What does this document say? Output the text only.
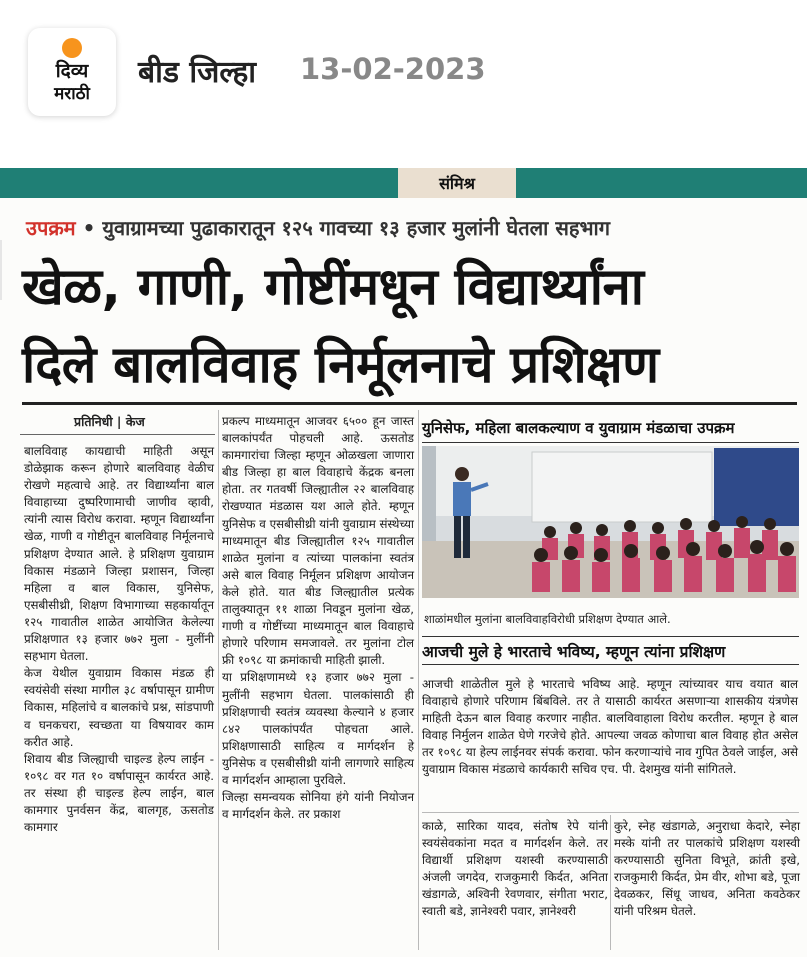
दिव्य
मराठी
बीड जिल्हा 13-02-2023
संमिश्र
उपक्रम • युवाग्रामच्या पुढाकारातून १२५ गावच्या १३ हजार मुलांनी घेतला सहभाग
खेळ, गाणी, गोष्टींमधून विद्यार्थ्यांना
दिले बालविवाह निर्मूलनाचे प्रशिक्षण
प्रतिनिधी | केज

बालविवाह कायद्याची माहिती असून डोळेझाक करून होणारे बालविवाह वेळीच रोखणे महत्वाचे आहे. तर विद्यार्थ्यांना बाल विवाहाच्या दुष्परिणामाची जाणीव व्हावी, त्यांनी त्यास विरोध करावा. म्हणून विद्यार्थ्यांना खेळ, गाणी व गोष्टीतून बालविवाह निर्मूलनाचे प्रशिक्षण देण्यात आले. हे प्रशिक्षण युवाग्राम विकास मंडळाने जिल्हा प्रशासन, जिल्हा महिला व बाल विकास, युनिसेफ, एसबीसीथ्री, शिक्षण विभागाच्या सहकार्यातून १२५ गावातील शाळेत आयोजित केलेल्या प्रशिक्षणात १३ हजार ७७२ मुला - मुलींनी सहभाग घेतला.

केज येथील युवाग्राम विकास मंडळ ही स्वयंसेवी संस्था मागील ३८ वर्षापासून ग्रामीण विकास, महिलांचे व बालकांचे प्रश्न, सांडपाणी व घनकचरा, स्वच्छता या विषयावर काम करीत आहे.

शिवाय बीड जिल्ह्याची चाइल्ड हेल्प लाईन - १०९८ वर गत १० वर्षापासून कार्यरत आहे. तर संस्था ही चाइल्ड हेल्प लाईन, बाल कामगार पुनर्वसन केंद्र, बालगृह, ऊसतोड कामगार

प्रकल्प माध्यमातून आजवर ६५०० हून जास्त बालकांपर्यंत पोहचली आहे. ऊसतोड कामगारांचा जिल्हा म्हणून ओळखला जाणारा बीड जिल्हा हा बाल विवाहाचे केंद्रक बनला होता. तर गतवर्षी जिल्ह्यातील २२ बालविवाह रोखण्यात मंडळास यश आले होते. म्हणून युनिसेफ व एसबीसीथ्री यांनी युवाग्राम संस्थेच्या माध्यमातून बीड जिल्ह्यातील १२५ गावातील शाळेत मुलांना व त्यांच्या पालकांना स्वतंत्र असे बाल विवाह निर्मूलन प्रशिक्षण आयोजन केले होते. यात बीड जिल्ह्यातील प्रत्येक तालुक्यातून ११ शाळा निवडून मुलांना खेळ, गाणी व गोष्टींच्या माध्यमातून बाल विवाहाचे होणारे परिणाम समजावले. तर मुलांना टोल फ्री १०९८ या क्रमांकाची माहिती झाली.

या प्रशिक्षणामध्ये १३ हजार ७७२ मुला - मुलींनी सहभाग घेतला. पालकांसाठी ही प्रशिक्षणाची स्वतंत्र व्यवस्था केल्याने ४ हजार ८४२ पालकांपर्यंत पोहचता आले. प्रशिक्षणासाठी साहित्य व मार्गदर्शन हे युनिसेफ व एसबीसीथ्री यांनी लागणारे साहित्य व मार्गदर्शन आम्हाला पुरविले.

जिल्हा समन्वयक सोनिया हंगे यांनी नियोजन व मार्गदर्शन केले. तर प्रकाश

युनिसेफ, महिला बालकल्याण व युवाग्राम मंडळाचा उपक्रम
शाळांमधील मुलांना बालविवाहविरोधी प्रशिक्षण देण्यात आले.
आजची मुले हे भारताचे भविष्य, म्हणून त्यांना प्रशिक्षण
आजची शाळेतील मुले हे भारताचे भविष्य आहे. म्हणून त्यांच्यावर याच वयात बाल विवाहाचे होणारे परिणाम बिंबविले. तर ते यासाठी कार्यरत असणाऱ्या शासकीय यंत्रणेस माहिती देऊन बाल विवाह करणार नाहीत. बालविवाहाला विरोध करतील. म्हणून हे बाल विवाह निर्मुलन शाळेत घेणे गरजेचे होते. आपल्या जवळ कोणाचा बाल विवाह होत असेल तर १०९८ या हेल्प लाईनवर संपर्क करावा. फोन करणाऱ्यांचे नाव गुपित ठेवले जाईल, असे युवाग्राम विकास मंडळाचे कार्यकारी सचिव एच. पी. देशमुख यांनी सांगितले.
काळे, सारिका यादव, संतोष रेपे यांनी स्वयंसेवकांना मदत व मार्गदर्शन केले. तर विद्यार्थी प्रशिक्षण यशस्वी करण्यासाठी अंजली जगदेव, राजकुमारी किर्दत, अनिता खंडागळे, अश्विनी रेवणवार, संगीता भराट, स्वाती बडे, ज्ञानेश्वरी पवार, ज्ञानेश्वरी
कुरे, स्नेह खंडागळे, अनुराधा केदारे, स्नेहा मस्के यांनी तर पालकांचे प्रशिक्षण यशस्वी करण्यासाठी सुनिता विभूते, क्रांती इखे, राजकुमारी किर्दत, प्रेम वीर, शोभा बडे, पूजा देवळकर, सिंधू जाधव, अनिता कवठेकर यांनी परिश्रम घेतले.
